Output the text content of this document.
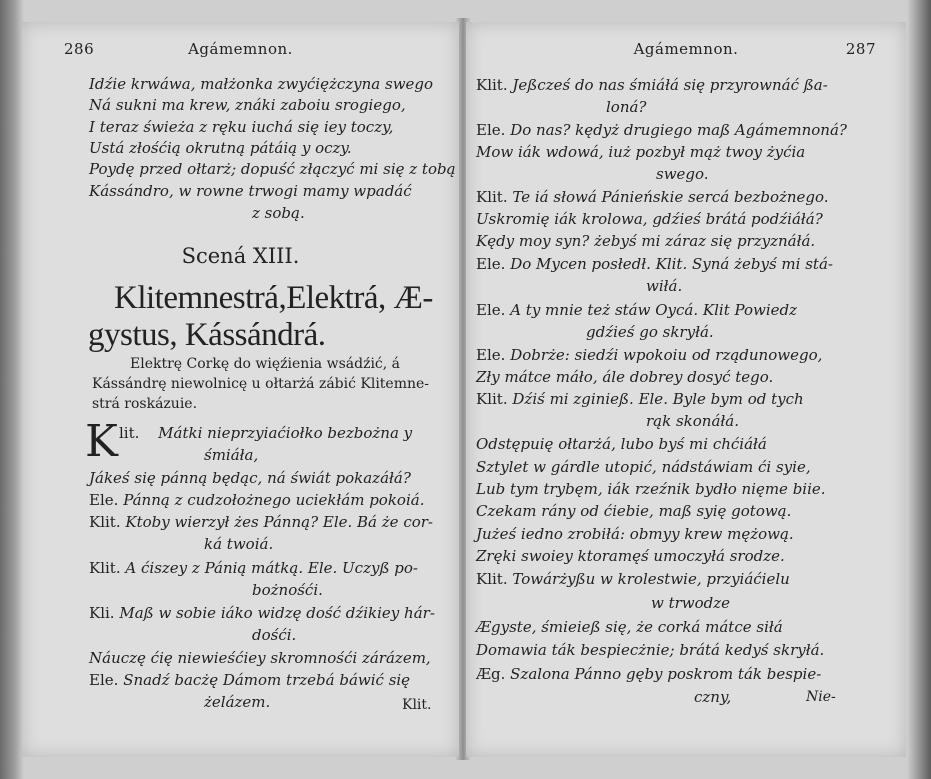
286	Agámemnon.
Idźie krwáwa, małżonka zwyćiężczyna swego
Ná sukni ma krew, znáki zaboiu srogiego,
I teraz świeża z ręku iuchá się iey toczy,
Ustá złośćią okrutną pátáią y oczy.
Poydę przed ołtarż; dopuść złączyć mi się z tobą
Kássándro, w rowne trwogi mamy wpadáć
z sobą.
Scená XIII.
Klitemnestrá,Elektrá, Æ-
gystus, Kássándrá.
Elektrę Corkę do więźienia wsádźić, á
Kássándrę niewolnicę u ołtarżá zábić Klitemne-
strá roskázuie.
K lit. Mátki nieprzyiaćiołko bezbożna y
śmiáła,
Jákeś się pánną będąc, ná świát pokazáłá?
Ele. Pánną z cudzołożnego uciekłám pokoiá.
Klit. Ktoby wierzył żes Pánną? Ele. Bá że cor-
ká twoiá.
Klit. A ćiszey z Pánią mátką. Ele. Uczyß po-
bożnośći.
Kli. Maß w sobie iáko widzę dość dźikiey hár-
dośći.
Náuczę ćię niewieśćiey skromnośći zárázem,
Ele. Snadź bacżę Dámom trzebá báwić się
żelázem.	Klit.
Agámemnon.	287
Klit. Jeßcześ do nas śmiáłá się przyrownáć ßa-
loná?
Ele. Do nas? kędyż drugiego maß Agámemnoná?
Mow iák wdowá, iuż pozbył mąż twoy żyćia
swego.
Klit. Te iá słowá Pánieńskie sercá bezbożnego.
Uskromię iák krolowa, gdźieś brátá podźiáłá?
Kędy moy syn? żebyś mi záraz się przyznáłá.
Ele. Do Mycen posłedł. Klit. Syná żebyś mi stá-
wiłá.
Ele. A ty mnie też stáw Oycá. Klit Powiedz
gdźieś go skryłá.
Ele. Dobrże: siedźi wpokoiu od rządunowego,
Zły mátce máło, ále dobrey dosyć tego.
Klit. Dźiś mi zginieß. Ele. Byle bym od tych
rąk skonáłá.
Odstępuię ołtarżá, lubo byś mi chćiáłá
Sztylet w gárdle utopić, nádstáwiam ći syie,
Lub tym trybęm, iák rzeźnik bydło nięme biie.
Czekam rány od ćiebie, maß syię gotową.
Jużeś iedno zrobiłá: obmyy krew mężową.
Zręki swoiey ktoramęś umoczyłá srodze.
Klit. Towárżyßu w krolestwie, przyiáćielu
w trwodze
Ægyste, śmieieß się, że corká mátce siłá
Domawia ták bespiecżnie; brátá kedyś skryłá.
Æg. Szalona Pánno gęby poskrom ták bespie-
czny,	Nie-
